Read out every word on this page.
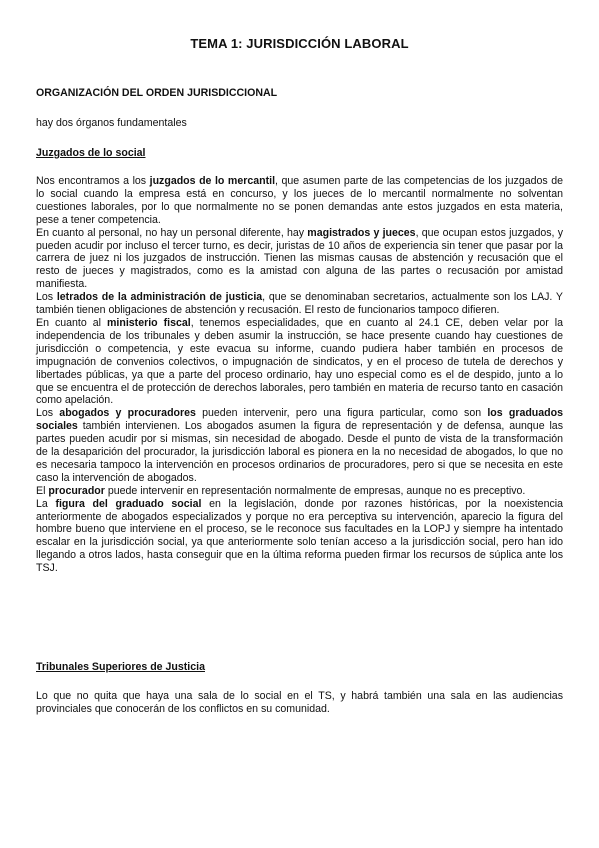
TEMA 1: JURISDICCIÓN LABORAL
ORGANIZACIÓN DEL ORDEN JURISDICCIONAL
hay dos órganos fundamentales
Juzgados de lo social

Nos encontramos a los juzgados de lo mercantil, que asumen parte de las competencias de los juzgados de lo social cuando la empresa está en concurso, y los jueces de lo mercantil normalmente no solventan cuestiones laborales, por lo que normalmente no se ponen demandas ante estos juzgados en esta materia, pese a tener competencia.

En cuanto al personal, no hay un personal diferente, hay magistrados y jueces, que ocupan estos juzgados, y pueden acudir por incluso el tercer turno, es decir, juristas de 10 años de experiencia sin tener que pasar por la carrera de juez ni los juzgados de instrucción. Tienen las mismas causas de abstención y recusación que el resto de jueces y magistrados, como es la amistad con alguna de las partes o recusación por amistad manifiesta.

Los letrados de la administración de justicia, que se denominaban secretarios, actualmente son los LAJ. Y también tienen obligaciones de abstención y recusación. El resto de funcionarios tampoco difieren.

En cuanto al ministerio fiscal, tenemos especialidades, que en cuanto al 24.1 CE, deben velar por la independencia de los tribunales y deben asumir la instrucción, se hace presente cuando hay cuestiones de jurisdicción o competencia, y este evacua su informe, cuando pudiera haber también en procesos de impugnación de convenios colectivos, o impugnación de sindicatos, y en el proceso de tutela de derechos y libertades públicas, ya que a parte del proceso ordinario, hay uno especial como es el de despido, junto a lo que se encuentra el de protección de derechos laborales, pero también en materia de recurso tanto en casación como apelación.

Los abogados y procuradores pueden intervenir, pero una figura particular, como son los graduados sociales también intervienen. Los abogados asumen la figura de representación y de defensa, aunque las partes pueden acudir por si mismas, sin necesidad de abogado. Desde el punto de vista de la transformación de la desaparición del procurador, la jurisdicción laboral es pionera en la no necesidad de abogados, lo que no es necesaria tampoco la intervención en procesos ordinarios de procuradores, pero si que se necesita en este caso la intervención de abogados.

El procurador puede intervenir en representación normalmente de empresas, aunque no es preceptivo.

La figura del graduado social en la legislación, donde por razones históricas, por la noexistencia anteriormente de abogados especializados y porque no era perceptiva su intervención, aparecio la figura del hombre bueno que interviene en el proceso, se le reconoce sus facultades en la LOPJ y siempre ha intentado escalar en la jurisdicción social, ya que anteriormente solo tenían acceso a la jurisdicción social, pero han ido llegando a otros lados, hasta conseguir que en la última reforma pueden firmar los recursos de súplica ante los TSJ.

Tribunales Superiores de Justicia
Lo que no quita que haya una sala de lo social en el TS, y habrá también una sala en las audiencias provinciales que conocerán de los conflictos en su comunidad.
